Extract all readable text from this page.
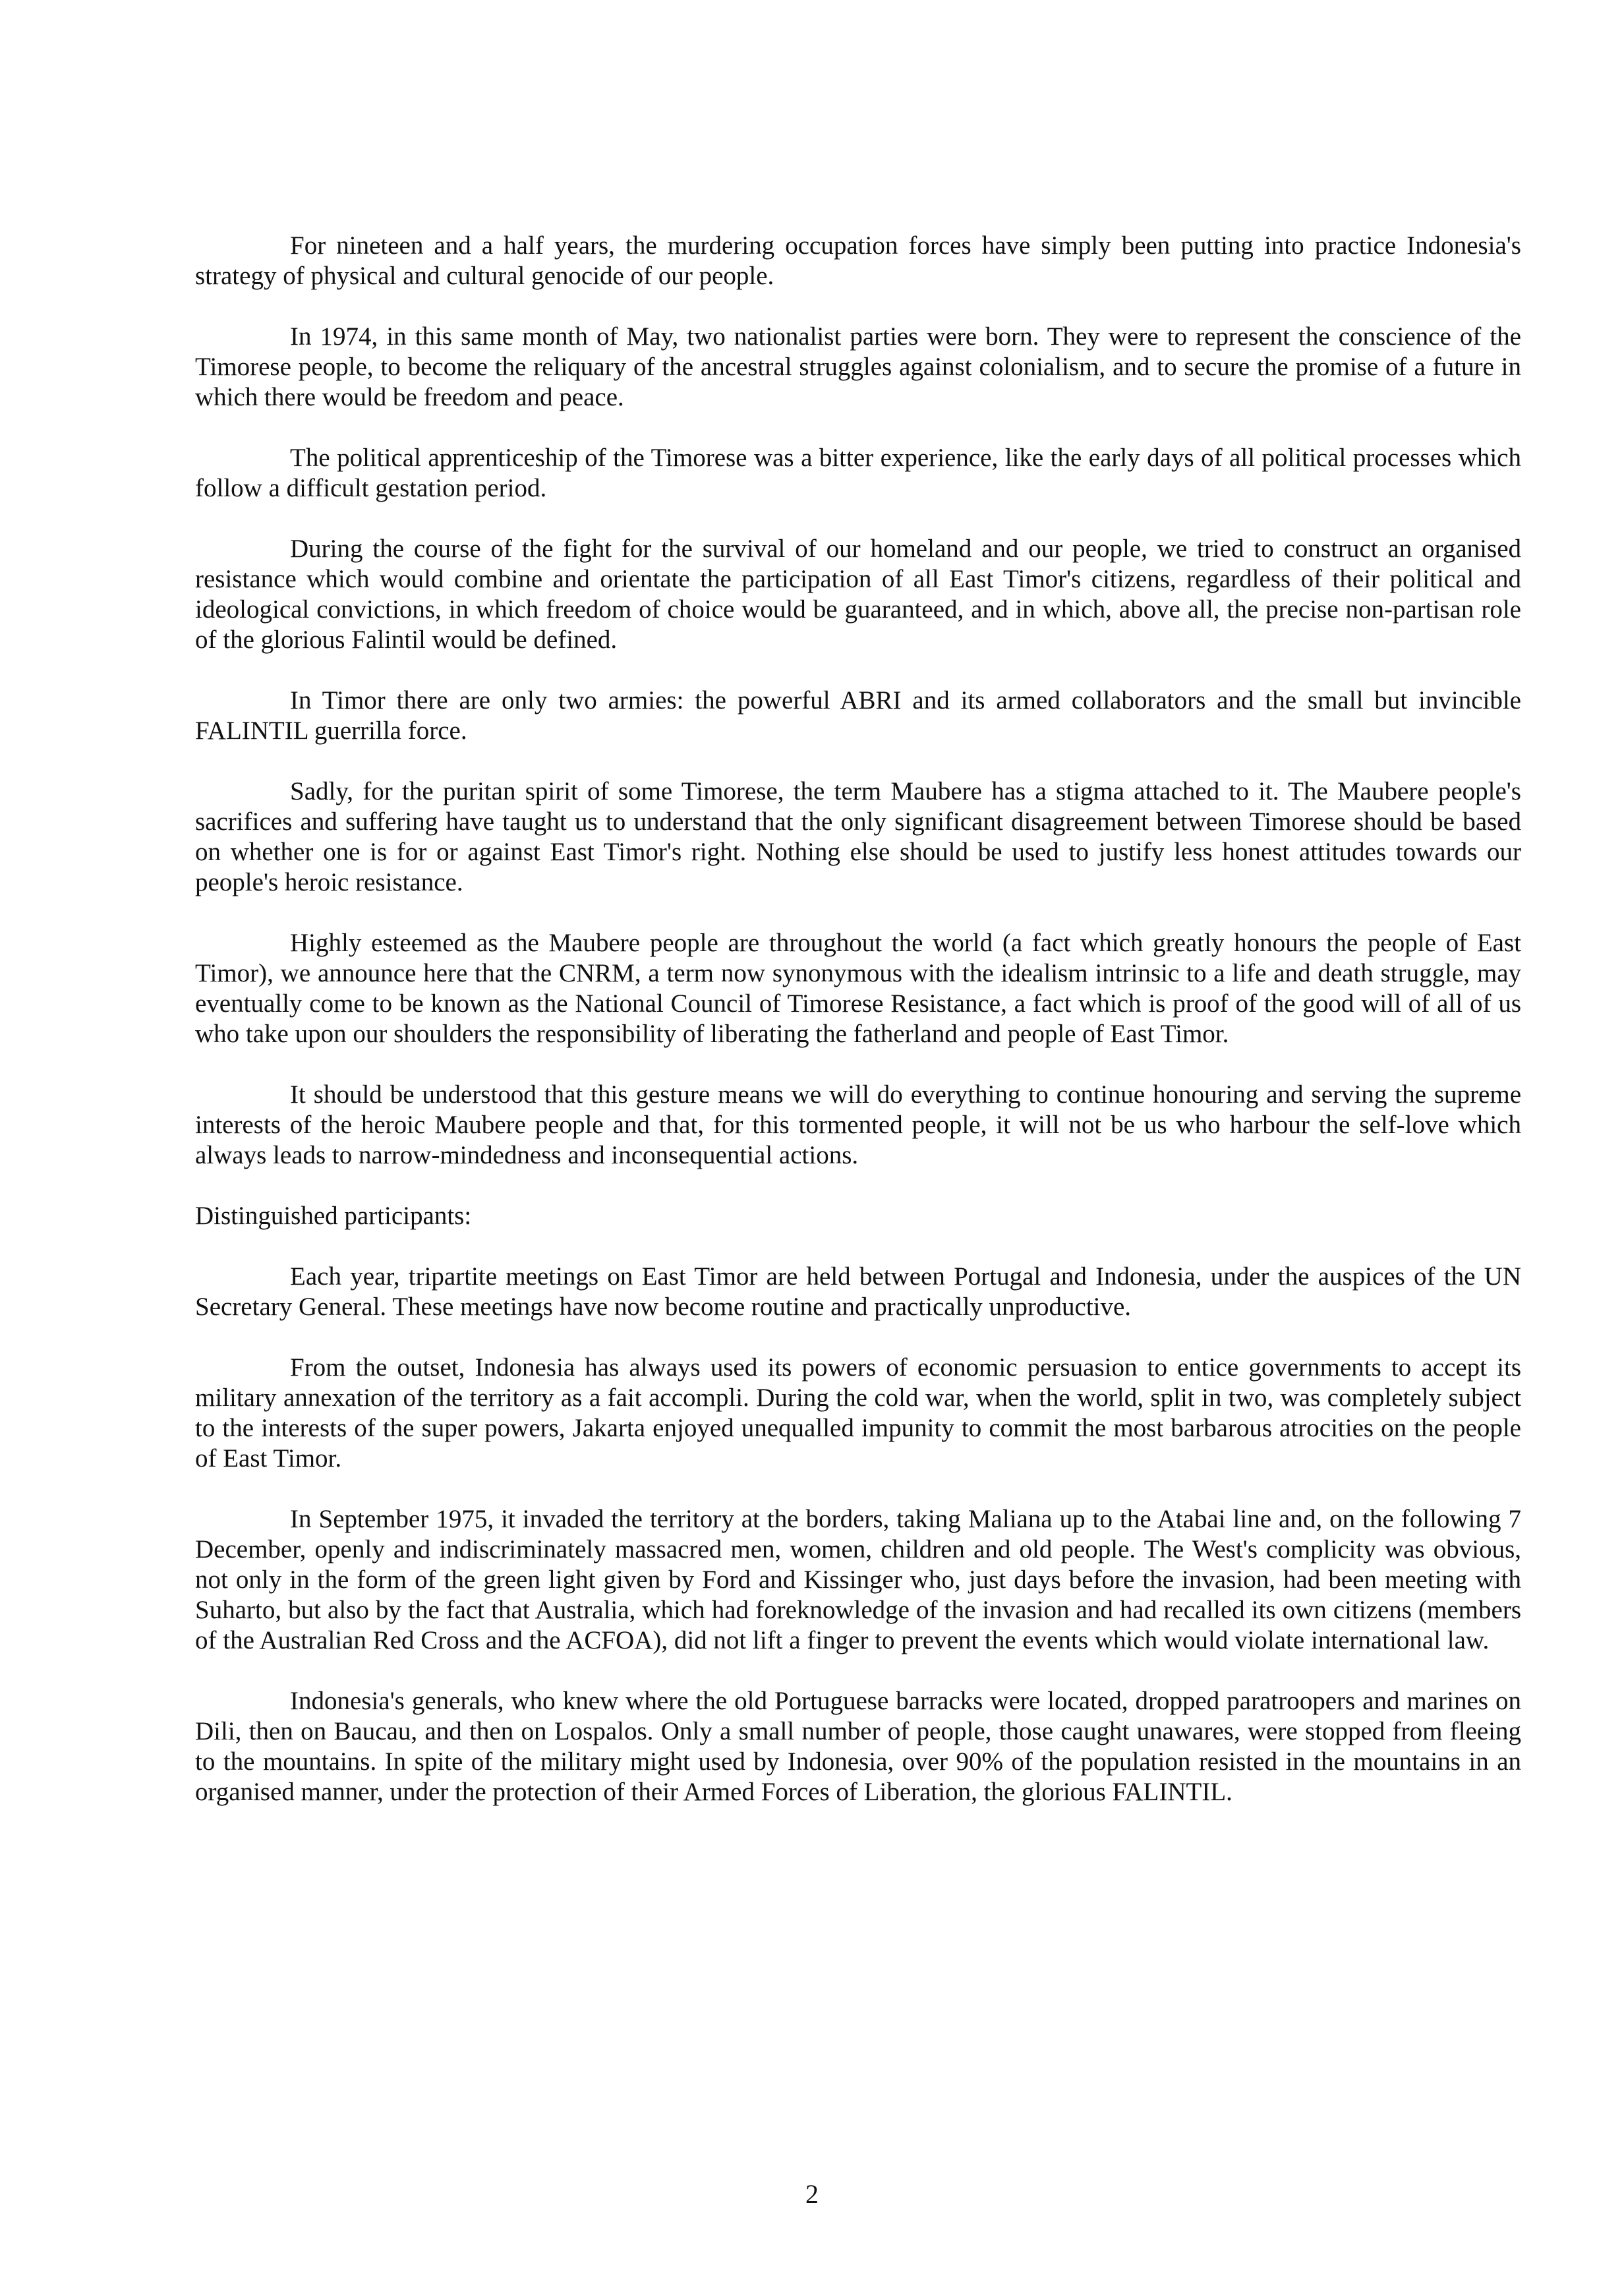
For nineteen and a half years, the murdering occupation forces have simply been putting into practice Indonesia's strategy of physical and cultural genocide of our people.

In 1974, in this same month of May, two nationalist parties were born. They were to represent the conscience of the Timorese people, to become the reliquary of the ancestral struggles against colonialism, and to secure the promise of a future in which there would be freedom and peace.

The political apprenticeship of the Timorese was a bitter experience, like the early days of all political processes which follow a difficult gestation period.

During the course of the fight for the survival of our homeland and our people, we tried to construct an organised resistance which would combine and orientate the participation of all East Timor's citizens, regardless of their political and ideological convictions, in which freedom of choice would be guaranteed, and in which, above all, the precise non-partisan role of the glorious Falintil would be defined.

In Timor there are only two armies: the powerful ABRI and its armed collaborators and the small but invincible FALINTIL guerrilla force.

Sadly, for the puritan spirit of some Timorese, the term Maubere has a stigma attached to it. The Maubere people's sacrifices and suffering have taught us to understand that the only significant disagreement between Timorese should be based on whether one is for or against East Timor's right. Nothing else should be used to justify less honest attitudes towards our people's heroic resistance.

Highly esteemed as the Maubere people are throughout the world (a fact which greatly honours the people of East Timor), we announce here that the CNRM, a term now synonymous with the idealism intrinsic to a life and death struggle, may eventually come to be known as the National Council of Timorese Resistance, a fact which is proof of the good will of all of us who take upon our shoulders the responsibility of liberating the fatherland and people of East Timor.

It should be understood that this gesture means we will do everything to continue honouring and serving the supreme interests of the heroic Maubere people and that, for this tormented people, it will not be us who harbour the self-love which always leads to narrow-mindedness and inconsequential actions.

Distinguished participants:

Each year, tripartite meetings on East Timor are held between Portugal and Indonesia, under the auspices of the UN Secretary General. These meetings have now become routine and practically unproductive.

From the outset, Indonesia has always used its powers of economic persuasion to entice governments to accept its military annexation of the territory as a fait accompli. During the cold war, when the world, split in two, was completely subject to the interests of the super powers, Jakarta enjoyed unequalled impunity to commit the most barbarous atrocities on the people of East Timor.

In September 1975, it invaded the territory at the borders, taking Maliana up to the Atabai line and, on the following 7 December, openly and indiscriminately massacred men, women, children and old people. The West's complicity was obvious, not only in the form of the green light given by Ford and Kissinger who, just days before the invasion, had been meeting with Suharto, but also by the fact that Australia, which had foreknowledge of the invasion and had recalled its own citizens (members of the Australian Red Cross and the ACFOA), did not lift a finger to prevent the events which would violate international law.

Indonesia's generals, who knew where the old Portuguese barracks were located, dropped paratroopers and marines on Dili, then on Baucau, and then on Lospalos. Only a small number of people, those caught unawares, were stopped from fleeing to the mountains. In spite of the military might used by Indonesia, over 90% of the population resisted in the mountains in an organised manner, under the protection of their Armed Forces of Liberation, the glorious FALINTIL.

2
